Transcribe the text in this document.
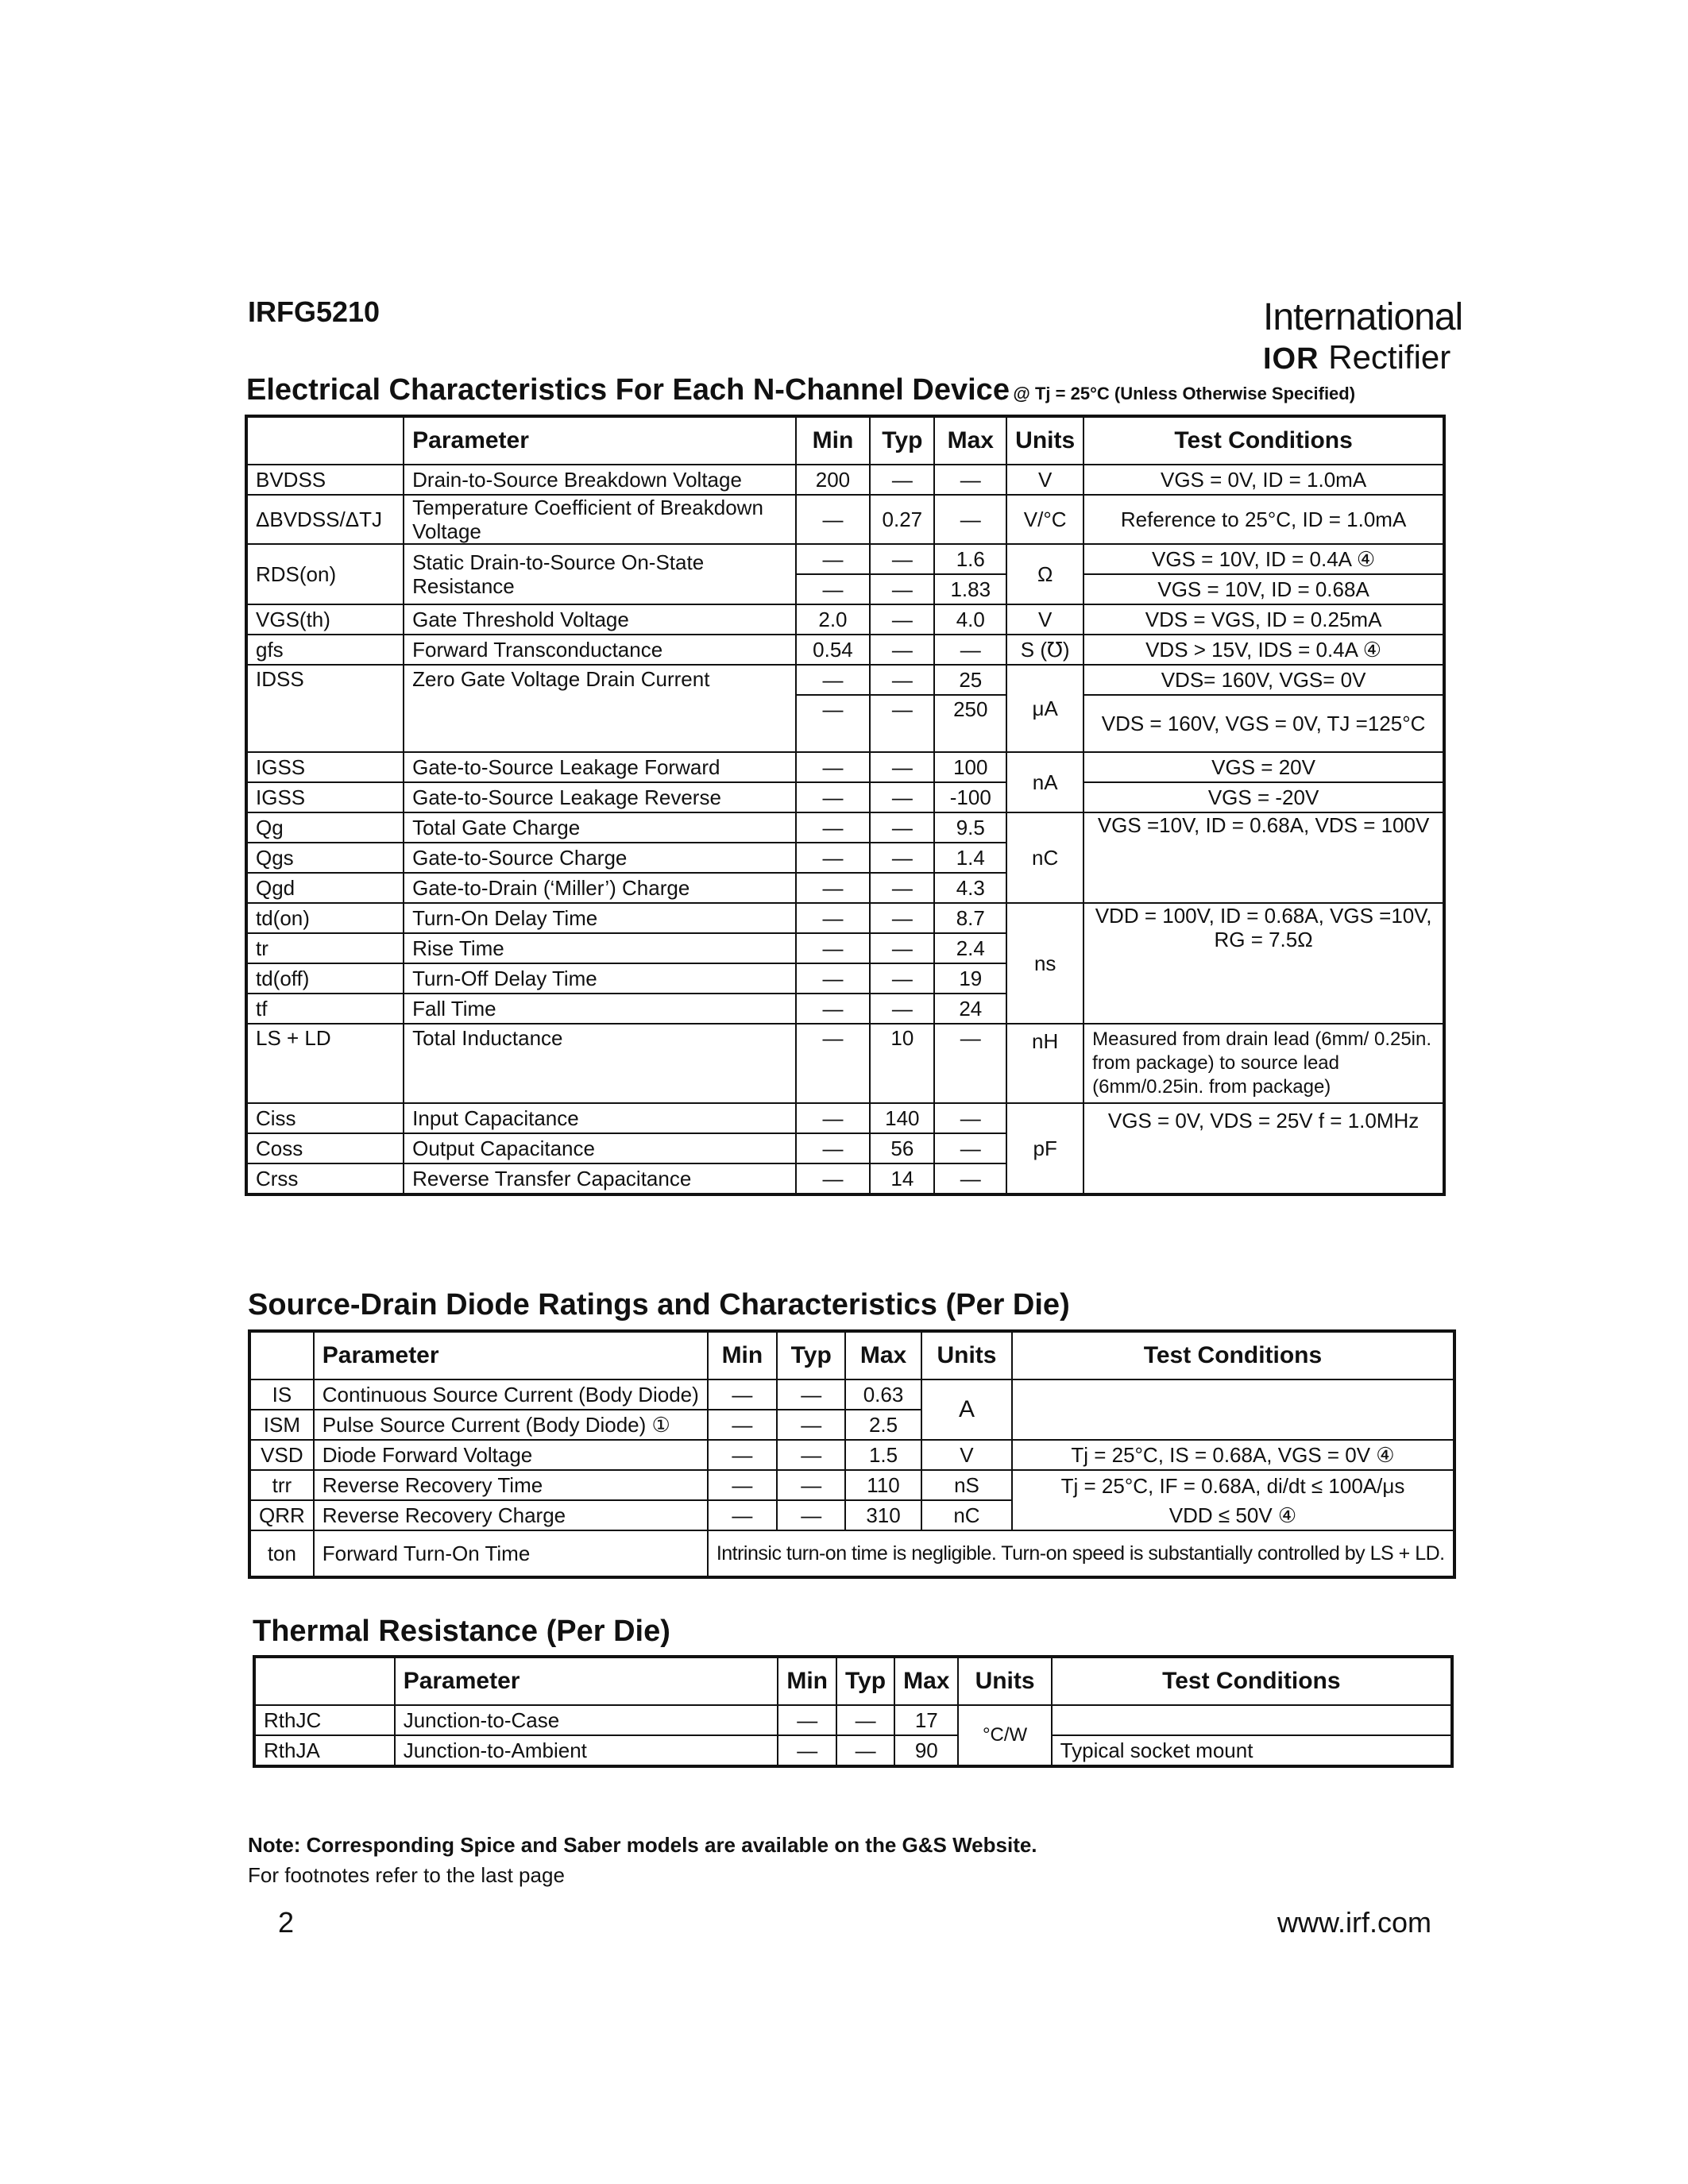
IRFG5210	International
IOR Rectifier
Electrical Characteristics For Each N-Channel Device @ Tj = 25°C (Unless Otherwise Specified)
	Parameter	Min	Typ	Max	Units	Test Conditions
BVDSS	Drain-to-Source Breakdown Voltage	200	—	—	V	VGS = 0V, ID = 1.0mA
ΔBVDSS/ΔTJ	Temperature Coefficient of Breakdown Voltage	—	0.27	—	V/°C	Reference to 25°C, ID = 1.0mA
RDS(on)	Static Drain-to-Source On-State Resistance	—	—	1.6	Ω	VGS = 10V, ID = 0.4A ④
		—	—	1.83		VGS = 10V, ID = 0.68A
VGS(th)	Gate Threshold Voltage	2.0	—	4.0	V	VDS = VGS, ID = 0.25mA
gfs	Forward Transconductance	0.54	—	—	S (℧)	VDS > 15V, IDS = 0.4A ④
IDSS	Zero Gate Voltage Drain Current	—	—	25	μA	VDS= 160V, VGS= 0V
		—	—	250		VDS = 160V, VGS = 0V, TJ =125°C
IGSS	Gate-to-Source Leakage Forward	—	—	100	nA	VGS = 20V
IGSS	Gate-to-Source Leakage Reverse	—	—	-100		VGS = -20V
Qg	Total Gate Charge	—	—	9.5	nC	VGS =10V, ID = 0.68A, VDS = 100V
Qgs	Gate-to-Source Charge	—	—	1.4		
Qgd	Gate-to-Drain (‘Miller’) Charge	—	—	4.3		
td(on)	Turn-On Delay Time	—	—	8.7	ns	VDD = 100V, ID = 0.68A, VGS =10V, RG = 7.5Ω
tr	Rise Time	—	—	2.4		
td(off)	Turn-Off Delay Time	—	—	19		
tf	Fall Time	—	—	24		
LS + LD	Total Inductance	—	10	—	nH	Measured from drain lead (6mm/ 0.25in. from package) to source lead (6mm/0.25in. from package)
Ciss	Input Capacitance	—	140	—	pF	VGS = 0V, VDS = 25V f = 1.0MHz
Coss	Output Capacitance	—	56	—		
Crss	Reverse Transfer Capacitance	—	14	—		
Source-Drain Diode Ratings and Characteristics (Per Die)
	Parameter	Min	Typ	Max	Units	Test Conditions
IS	Continuous Source Current (Body Diode)	—	—	0.63	A	
ISM	Pulse Source Current (Body Diode) ①	—	—	2.5		
VSD	Diode Forward Voltage	—	—	1.5	V	Tj = 25°C, IS = 0.68A, VGS = 0V ④
trr	Reverse Recovery Time	—	—	110	nS	Tj = 25°C, IF = 0.68A, di/dt ≤ 100A/μs
QRR	Reverse Recovery Charge	—	—	310	nC	VDD ≤ 50V ④
ton	Forward Turn-On Time	Intrinsic turn-on time is negligible. Turn-on speed is substantially controlled by LS + LD.				
Thermal Resistance (Per Die)
	Parameter	Min	Typ	Max	Units	Test Conditions
RthJC	Junction-to-Case	—	—	17	°C/W	
RthJA	Junction-to-Ambient	—	—	90		Typical socket mount
Note: Corresponding Spice and Saber models are available on the G&S Website.
For footnotes refer to the last page
2	www.irf.com
